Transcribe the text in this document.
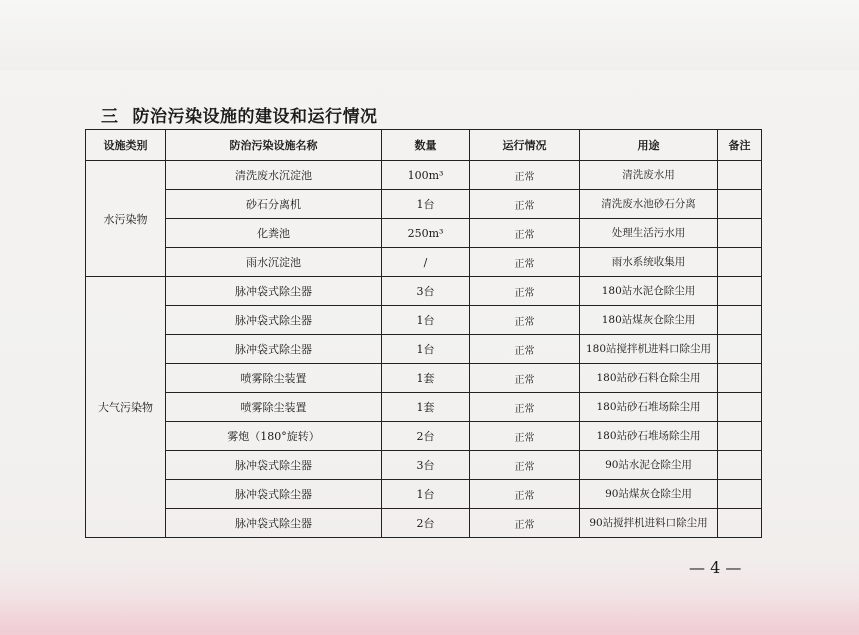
三 防治污染设施的建设和运行情况
设施类别	防治污染设施名称	数量	运行情况	用途	备注
水污染物	清洗废水沉淀池	100m³	正常	清洗废水用	
	砂石分离机	1台	正常	清洗废水池砂石分离	
	化粪池	250m³	正常	处理生活污水用	
	雨水沉淀池	/	正常	雨水系统收集用	
大气污染物	脉冲袋式除尘器	3台	正常	180站水泥仓除尘用	
	脉冲袋式除尘器	1台	正常	180站煤灰仓除尘用	
	脉冲袋式除尘器	1台	正常	180站搅拌机进料口除尘用	
	喷雾除尘装置	1套	正常	180站砂石料仓除尘用	
	喷雾除尘装置	1套	正常	180站砂石堆场除尘用	
	雾炮（180°旋转）	2台	正常	180站砂石堆场除尘用	
	脉冲袋式除尘器	3台	正常	90站水泥仓除尘用	
	脉冲袋式除尘器	1台	正常	90站煤灰仓除尘用	
	脉冲袋式除尘器	2台	正常	90站搅拌机进料口除尘用	
— 4 —
